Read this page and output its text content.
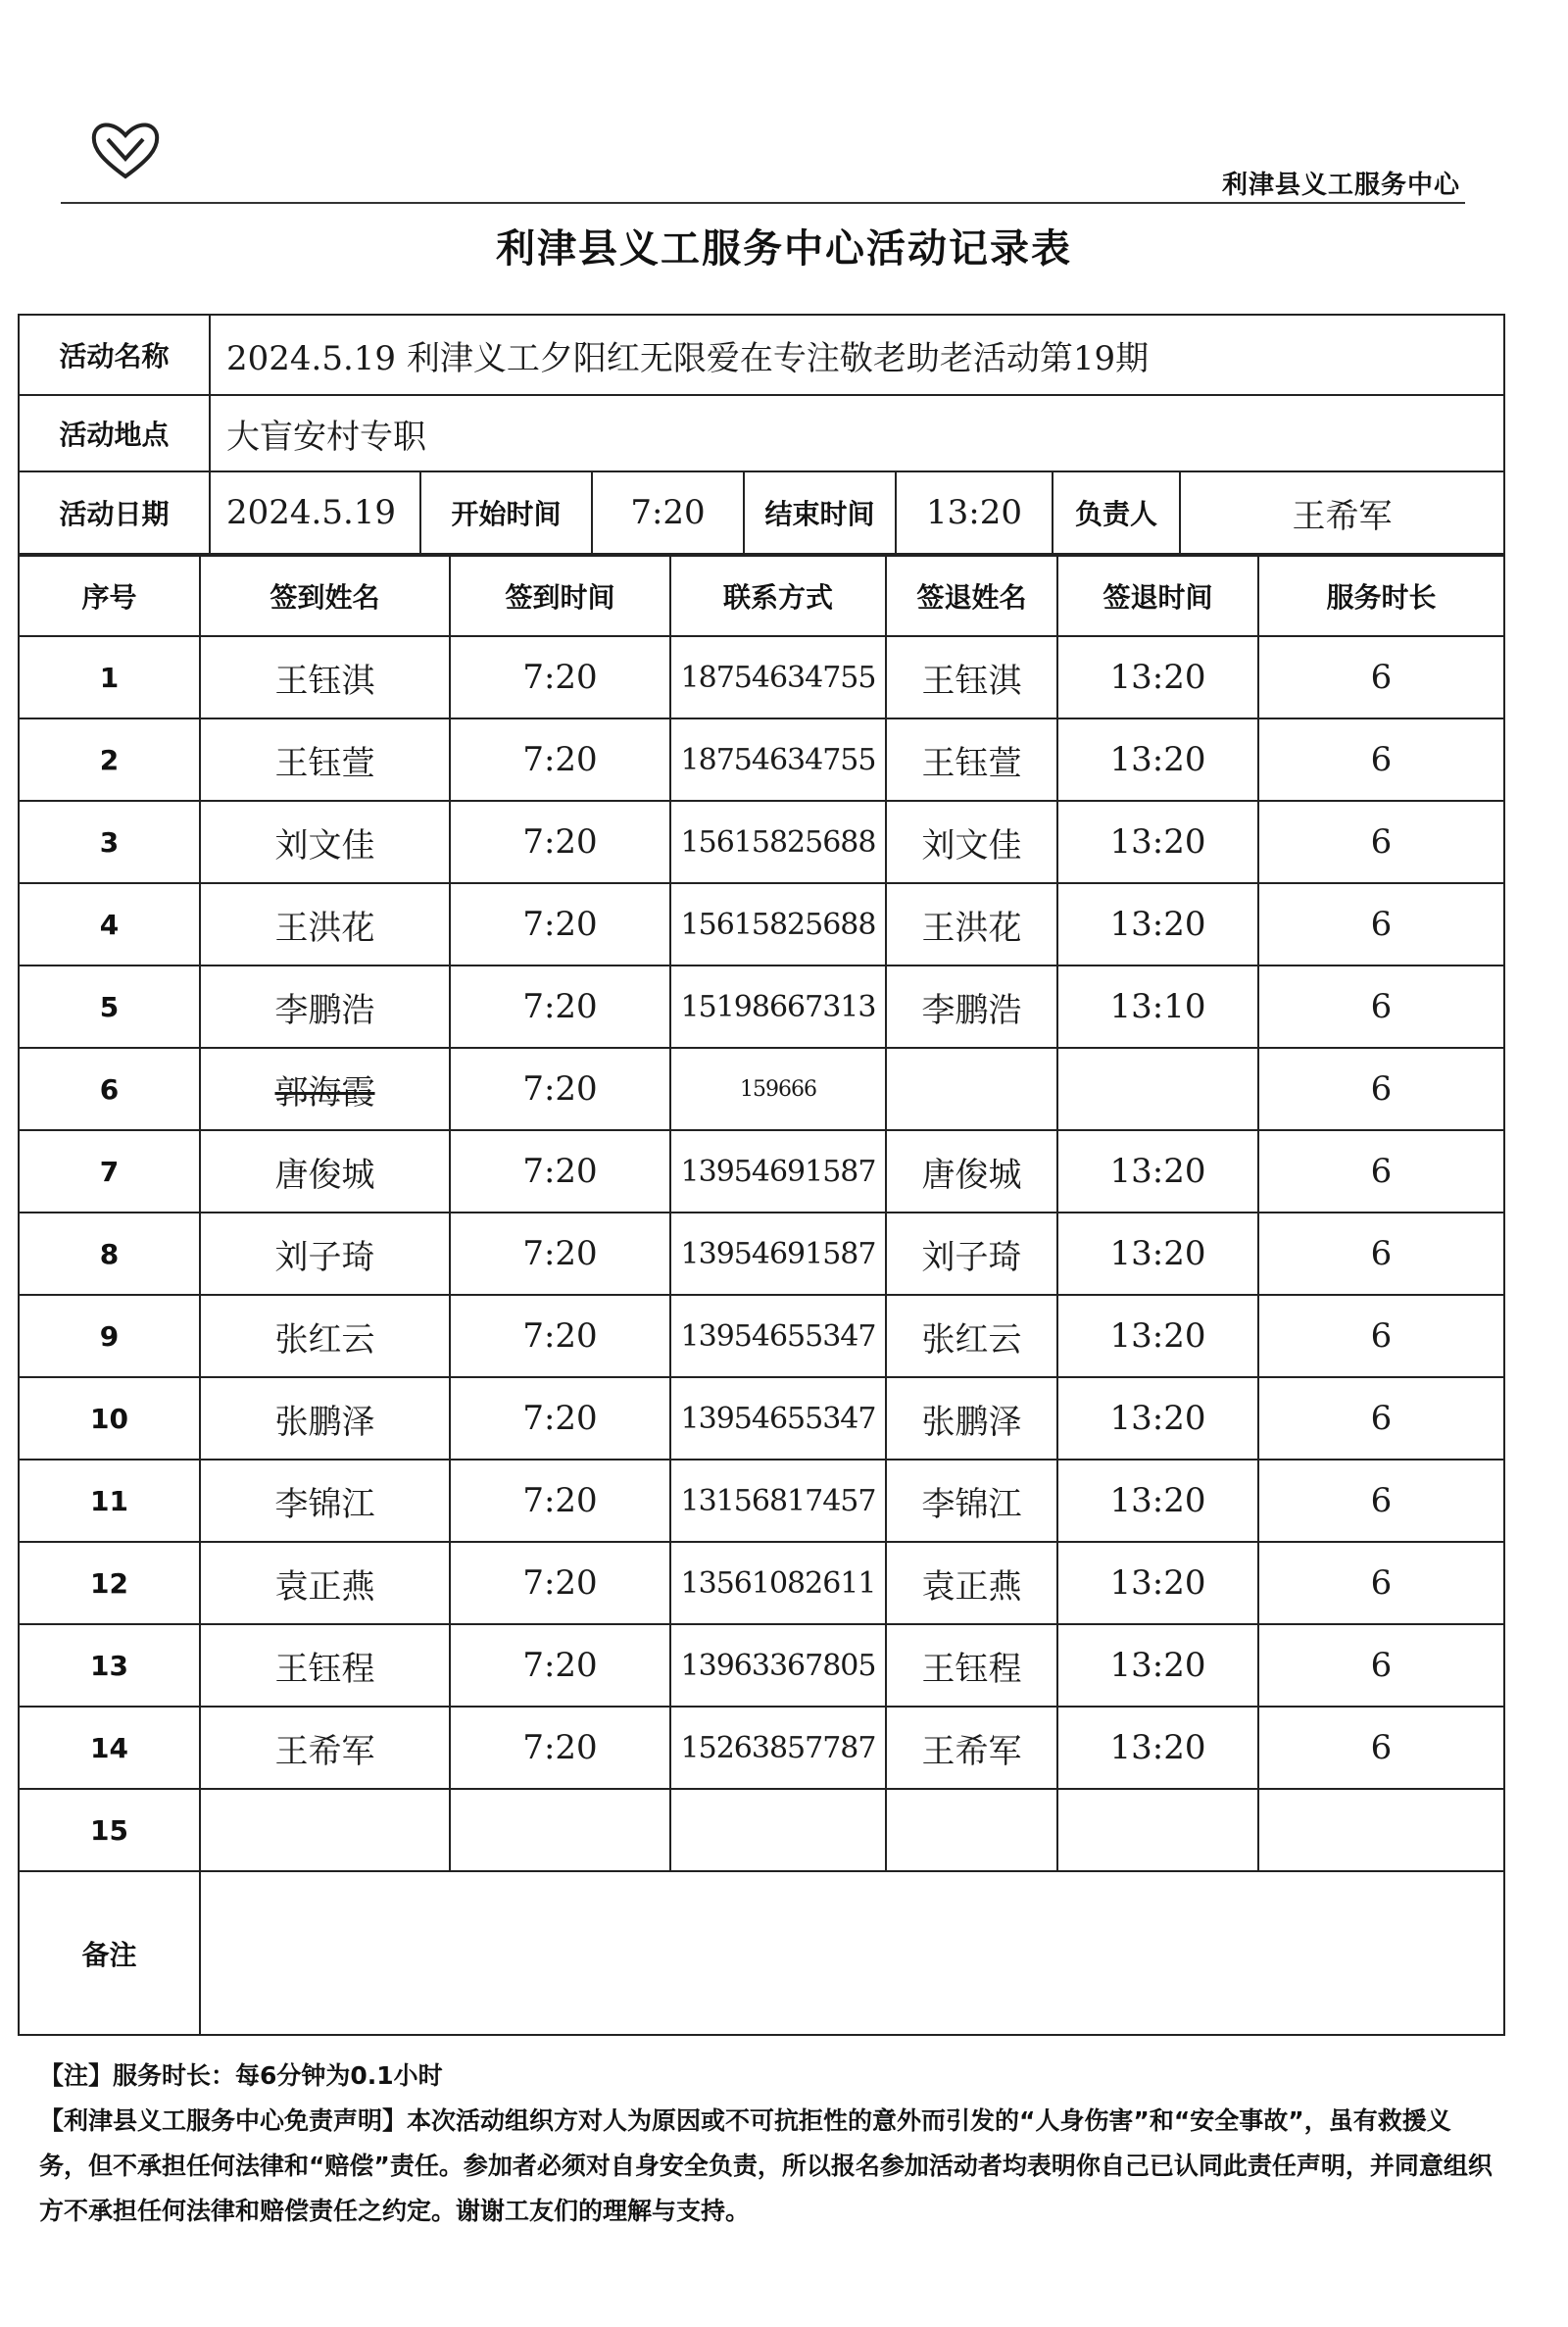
利津县义工服务中心
利津县义工服务中心活动记录表
活动名称	2024.5.19 利津义工夕阳红无限爱在专注敬老助老活动第19期						
活动地点	大盲安村专职						
活动日期	2024.5.19	开始时间	7:20	结束时间	13:20	负责人	王希军
序号	签到姓名	签到时间	联系方式	签退姓名	签退时间	服务时长
1	王钰淇	7:20	18754634755	王钰淇	13:20	6
2	王钰萱	7:20	18754634755	王钰萱	13:20	6
3	刘文佳	7:20	15615825688	刘文佳	13:20	6
4	王洪花	7:20	15615825688	王洪花	13:20	6
5	李鹏浩	7:20	15198667313	李鹏浩	13:10	6
6	郭海霞	7:20	159666			6
7	唐俊城	7:20	13954691587	唐俊城	13:20	6
8	刘子琦	7:20	13954691587	刘子琦	13:20	6
9	张红云	7:20	13954655347	张红云	13:20	6
10	张鹏泽	7:20	13954655347	张鹏泽	13:20	6
11	李锦江	7:20	13156817457	李锦江	13:20	6
12	袁正燕	7:20	13561082611	袁正燕	13:20	6
13	王钰程	7:20	13963367805	王钰程	13:20	6
14	王希军	7:20	15263857787	王希军	13:20	6
15						
备注						

【注】服务时长：每6分钟为0.1小时

【利津县义工服务中心免责声明】本次活动组织方对人为原因或不可抗拒性的意外而引发的“人身伤害”和“安全事故”，虽有救援义务，但不承担任何法律和“赔偿”责任。参加者必须对自身安全负责，所以报名参加活动者均表明你自己已认同此责任声明，并同意组织方不承担任何法律和赔偿责任之约定。谢谢工友们的理解与支持。
